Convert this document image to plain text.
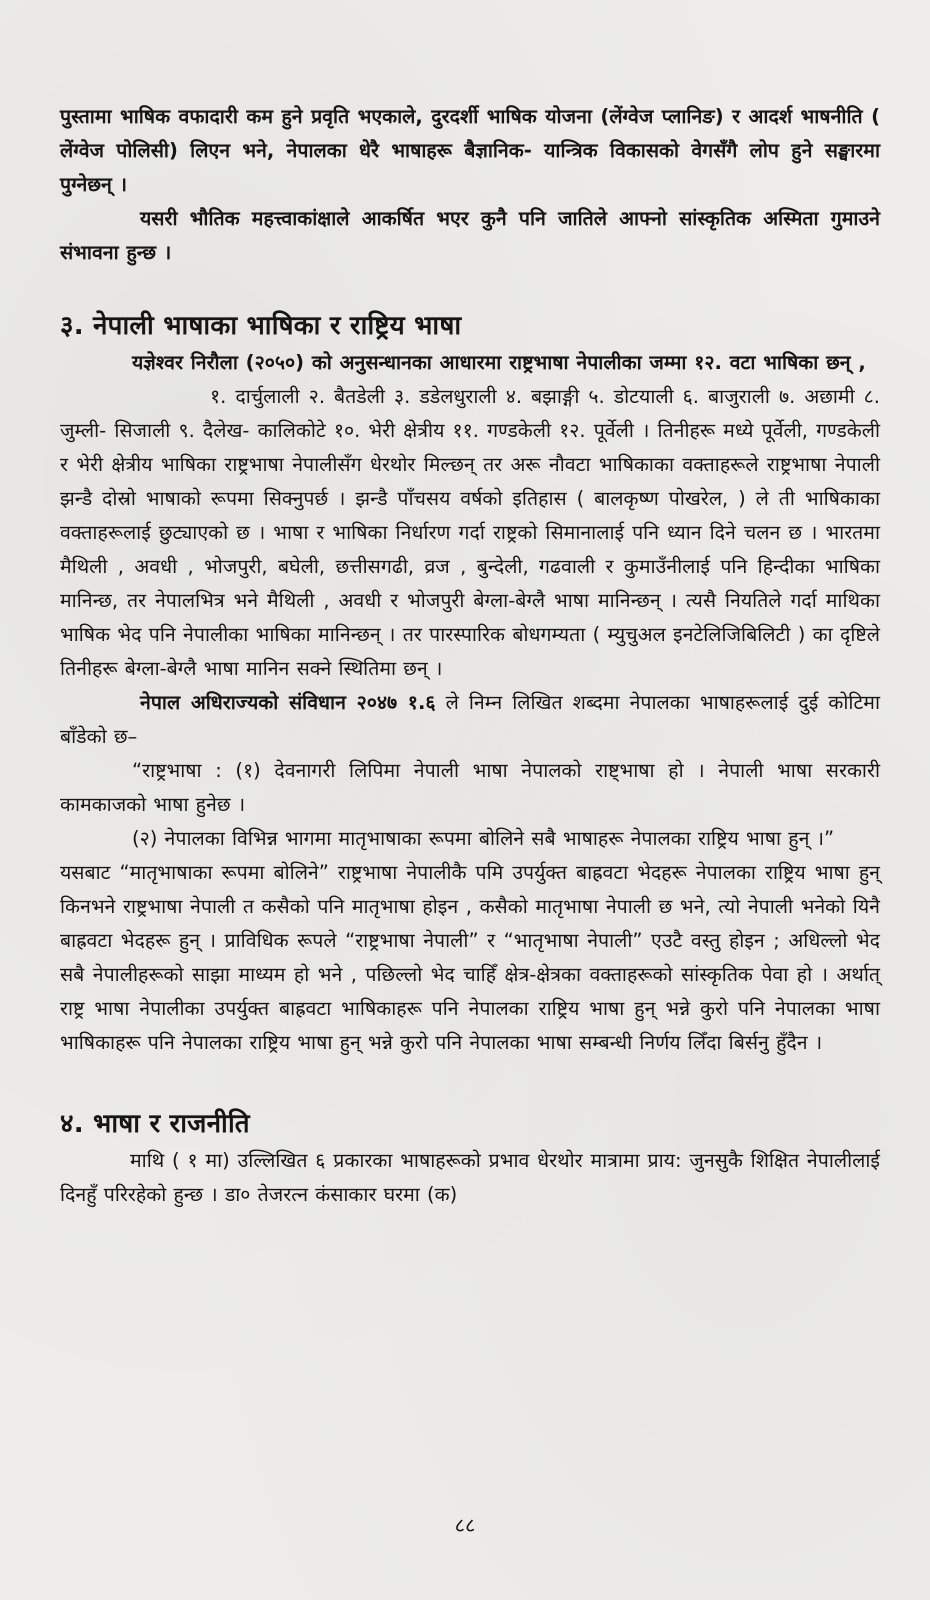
पुस्तामा भाषिक वफादारी कम हुने प्रवृति भएकाले, दुरदर्शी भाषिक योजना (लेंग्वेज प्लानिङ) र आदर्श भाषनीति ( लेंग्वेज पोलिसी) लिएन भने, नेपालका धेरै भाषाहरू बैज्ञानिक- यान्त्रिक विकासको वेगसँगै लोप हुने सङ्घारमा पुग्नेछन् ।

यसरी भौतिक महत्त्वाकांक्षाले आकर्षित भएर कुनै पनि जातिले आफ्नो सांस्कृतिक अस्मिता गुमाउने संभावना हुन्छ ।

३. नेपाली भाषाका भाषिका र राष्ट्रिय भाषा

यज्ञेश्वर निरौला (२०५०) को अनुसन्धानका आधारमा राष्ट्रभाषा नेपालीका जम्मा १२. वटा भाषिका छन् ,

१. दार्चुलाली २. बैतडेली ३. डडेलधुराली ४. बझाङ्गी ५. डोटयाली ६. बाजुराली ७. अछामी ८. जुम्ली- सिजाली ९. दैलेख- कालिकोटे १०. भेरी क्षेत्रीय ११. गण्डकेली १२. पूर्वेली । तिनीहरू मध्ये पूर्वेली, गण्डकेली र भेरी क्षेत्रीय भाषिका राष्ट्रभाषा नेपालीसँग धेरथोर मिल्छन् तर अरू नौवटा भाषिकाका वक्ताहरूले राष्ट्रभाषा नेपाली झन्डै दोस्रो भाषाको रूपमा सिक्नुपर्छ । झन्डै पाँचसय वर्षको इतिहास ( बालकृष्ण पोखरेल, ) ले ती भाषिकाका वक्ताहरूलाई छुट्याएको छ । भाषा र भाषिका निर्धारण गर्दा राष्ट्रको सिमानालाई पनि ध्यान दिने चलन छ । भारतमा मैथिली , अवधी , भोजपुरी, बघेली, छत्तीसगढी, व्रज , बुन्देली, गढवाली र कुमाउँनीलाई पनि हिन्दीका भाषिका मानिन्छ, तर नेपालभित्र भने मैथिली , अवधी र भोजपुरी बेग्ला-बेग्लै भाषा मानिन्छन् । त्यसै नियतिले गर्दा माथिका भाषिक भेद पनि नेपालीका भाषिका मानिन्छन् । तर पारस्पारिक बोधगम्यता ( म्युचुअल इनटेलिजिबिलिटी ) का दृष्टिले तिनीहरू बेग्ला-बेग्लै भाषा मानिन सक्ने स्थितिमा छन् ।

नेपाल अधिराज्यको संविधान २०४७ १.६ ले निम्न लिखित शब्दमा नेपालका भाषाहरूलाई दुई कोटिमा बाँडेको छ–

“राष्ट्रभाषा : (१) देवनागरी लिपिमा नेपाली भाषा नेपालको राष्ट्भाषा हो । नेपाली भाषा सरकारी कामकाजको भाषा हुनेछ ।

(२) नेपालका विभिन्न भागमा मातृभाषाका रूपमा बोलिने सबै भाषाहरू नेपालका राष्ट्रिय भाषा हुन् ।”

यसबाट “मातृभाषाका रूपमा बोलिने” राष्ट्रभाषा नेपालीकै पमि उपर्युक्त बाह्रवटा भेदहरू नेपालका राष्ट्रिय भाषा हुन् किनभने राष्ट्रभाषा नेपाली त कसैको पनि मातृभाषा होइन , कसैको मातृभाषा नेपाली छ भने, त्यो नेपाली भनेको यिनै बाह्रवटा भेदहरू हुन् । प्राविधिक रूपले “राष्ट्रभाषा नेपाली” र “भातृभाषा नेपाली” एउटै वस्तु होइन ; अधिल्लो भेद सबै नेपालीहरूको साझा माध्यम हो भने , पछिल्लो भेद चाहिँ क्षेत्र-क्षेत्रका वक्ताहरूको सांस्कृतिक पेवा हो । अर्थात् राष्ट्र भाषा नेपालीका उपर्युक्त बाह्रवटा भाषिकाहरू पनि नेपालका राष्ट्रिय भाषा हुन् भन्ने कुरो पनि नेपालका भाषा भाषिकाहरू पनि नेपालका राष्ट्रिय भाषा हुन् भन्ने कुरो पनि नेपालका भाषा सम्बन्धी निर्णय लिँदा बिर्सनु हुँदैन ।

४. भाषा र राजनीति

माथि ( १ मा) उल्लिखित ६ प्रकारका भाषाहरूको प्रभाव धेरथोर मात्रामा प्राय: जुनसुकै शिक्षित नेपालीलाई दिनहुँ परिरहेको हुन्छ । डा० तेजरत्न कंसाकार घरमा (क)

८८
